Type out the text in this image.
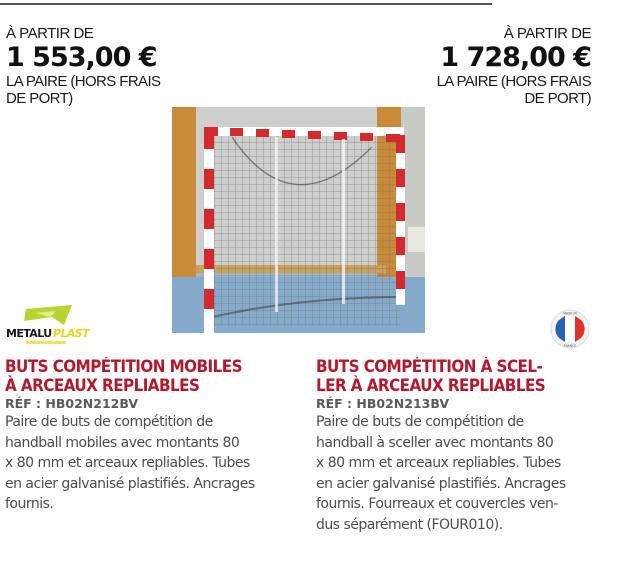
À PARTIR DE
1 553,00 €
LA PAIRE (HORS FRAIS
DE PORT)
À PARTIR DE
1 728,00 €
LA PAIRE (HORS FRAIS
DE PORT)
METALU PLAST
MADE IN
FRANCE
BUTS COMPÉTITION MOBILES
À ARCEAUX REPLIABLES
RÉF : HB02N212BV
Paire de buts de compétition de
handball mobiles avec montants 80
x 80 mm et arceaux repliables. Tubes
en acier galvanisé plastifiés. Ancrages
fournis.
BUTS COMPÉTITION À SCEL-
LER À ARCEAUX REPLIABLES
RÉF : HB02N213BV
Paire de buts de compétition de
handball à sceller avec montants 80
x 80 mm et arceaux repliables. Tubes
en acier galvanisé plastifiés. Ancrages
fournis. Fourreaux et couvercles ven-
dus séparément (FOUR010).
